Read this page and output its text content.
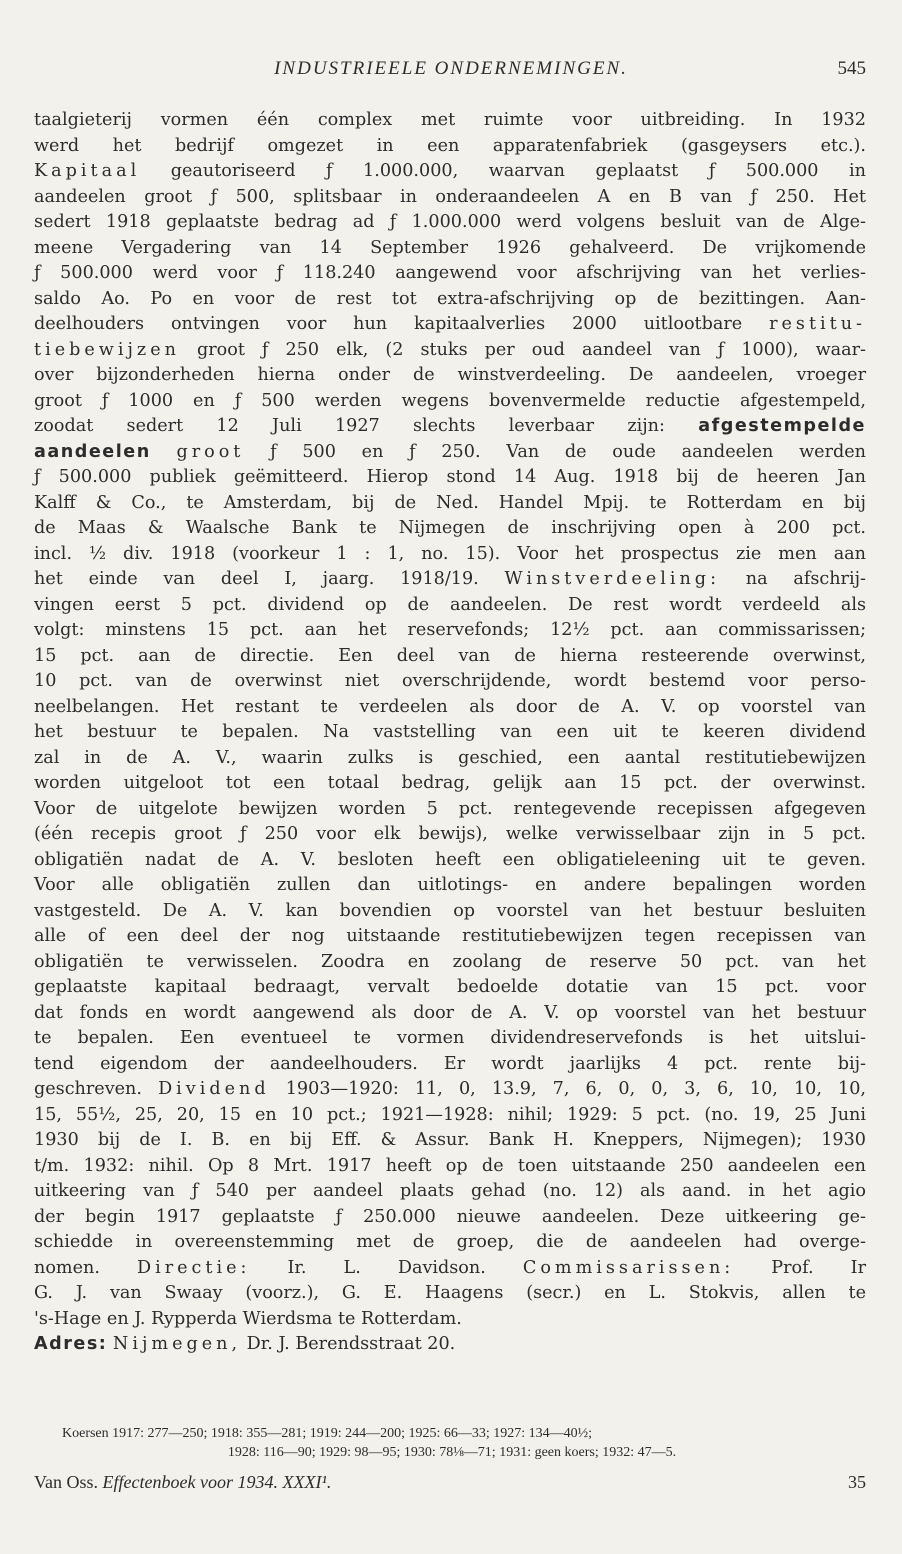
INDUSTRIEELE ONDERNEMINGEN.	545
taalgieterij vormen één complex met ruimte voor uitbreiding. In 1932
werd het bedrijf omgezet in een apparatenfabriek (gasgeysers etc.).
Kapitaal geautoriseerd ƒ 1.000.000, waarvan geplaatst ƒ 500.000 in
aandeelen groot ƒ 500, splitsbaar in onderaandeelen A en B van ƒ 250. Het
sedert 1918 geplaatste bedrag ad ƒ 1.000.000 werd volgens besluit van de Alge-
meene Vergadering van 14 September 1926 gehalveerd. De vrijkomende
ƒ 500.000 werd voor ƒ 118.240 aangewend voor afschrijving van het verlies-
saldo Ao. Po en voor de rest tot extra-afschrijving op de bezittingen. Aan-
deelhouders ontvingen voor hun kapitaalverlies 2000 uitlootbare restitu-
tiebewijzen groot ƒ 250 elk, (2 stuks per oud aandeel van ƒ 1000), waar-
over bijzonderheden hierna onder de winstverdeeling. De aandeelen, vroeger
groot ƒ 1000 en ƒ 500 werden wegens bovenvermelde reductie afgestempeld,
zoodat sedert 12 Juli 1927 slechts leverbaar zijn: afgestempelde
aandeelen groot ƒ 500 en ƒ 250. Van de oude aandeelen werden
ƒ 500.000 publiek geëmitteerd. Hierop stond 14 Aug. 1918 bij de heeren Jan
Kalff & Co., te Amsterdam, bij de Ned. Handel Mpij. te Rotterdam en bij
de Maas & Waalsche Bank te Nijmegen de inschrijving open à 200 pct.
incl. ½ div. 1918 (voorkeur 1 : 1, no. 15). Voor het prospectus zie men aan
het einde van deel I, jaarg. 1918/19. Winstverdeeling: na afschrij-
vingen eerst 5 pct. dividend op de aandeelen. De rest wordt verdeeld als
volgt: minstens 15 pct. aan het reservefonds; 12½ pct. aan commissarissen;
15 pct. aan de directie. Een deel van de hierna resteerende overwinst,
10 pct. van de overwinst niet overschrijdende, wordt bestemd voor perso-
neelbelangen. Het restant te verdeelen als door de A. V. op voorstel van
het bestuur te bepalen. Na vaststelling van een uit te keeren dividend
zal in de A. V., waarin zulks is geschied, een aantal restitutiebewijzen
worden uitgeloot tot een totaal bedrag, gelijk aan 15 pct. der overwinst.
Voor de uitgelote bewijzen worden 5 pct. rentegevende recepissen afgegeven
(één recepis groot ƒ 250 voor elk bewijs), welke verwisselbaar zijn in 5 pct.
obligatiën nadat de A. V. besloten heeft een obligatieleening uit te geven.
Voor alle obligatiën zullen dan uitlotings- en andere bepalingen worden
vastgesteld. De A. V. kan bovendien op voorstel van het bestuur besluiten
alle of een deel der nog uitstaande restitutiebewijzen tegen recepissen van
obligatiën te verwisselen. Zoodra en zoolang de reserve 50 pct. van het
geplaatste kapitaal bedraagt, vervalt bedoelde dotatie van 15 pct. voor
dat fonds en wordt aangewend als door de A. V. op voorstel van het bestuur
te bepalen. Een eventueel te vormen dividendreservefonds is het uitslui-
tend eigendom der aandeelhouders. Er wordt jaarlijks 4 pct. rente bij-
geschreven. Dividend 1903—1920: 11, 0, 13.9, 7, 6, 0, 0, 3, 6, 10, 10, 10,
15, 55½, 25, 20, 15 en 10 pct.; 1921—1928: nihil; 1929: 5 pct. (no. 19, 25 Juni
1930 bij de I. B. en bij Eff. & Assur. Bank H. Kneppers, Nijmegen); 1930
t/m. 1932: nihil. Op 8 Mrt. 1917 heeft op de toen uitstaande 250 aandeelen een
uitkeering van ƒ 540 per aandeel plaats gehad (no. 12) als aand. in het agio
der begin 1917 geplaatste ƒ 250.000 nieuwe aandeelen. Deze uitkeering ge-
schiedde in overeenstemming met de groep, die de aandeelen had overge-
nomen. Directie: Ir. L. Davidson. Commissarissen: Prof. Ir
G. J. van Swaay (voorz.), G. E. Haagens (secr.) en L. Stokvis, allen te
's-Hage en J. Rypperda Wierdsma te Rotterdam.
Adres: Nijmegen, Dr. J. Berendsstraat 20.
Koersen 1917: 277—250; 1918: 355—281; 1919: 244—200; 1925: 66—33; 1927: 134—40½;
1928: 116—90; 1929: 98—95; 1930: 78⅛—71; 1931: geen koers; 1932: 47—5.
Van Oss. Effectenboek voor 1934. XXXI¹.	35
